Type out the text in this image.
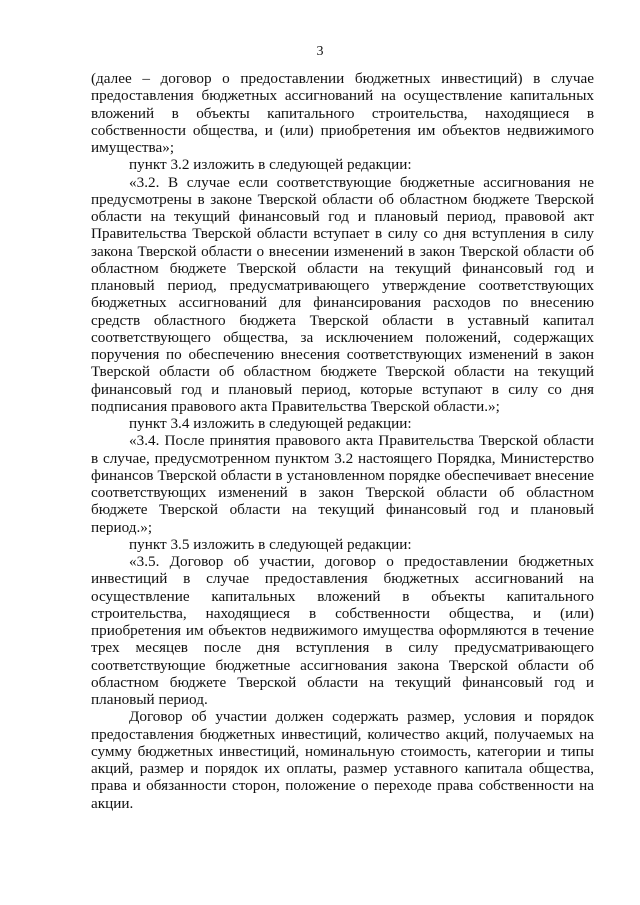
3

(далее – договор о предоставлении бюджетных инвестиций) в случае предоставления бюджетных ассигнований на осуществление капитальных вложений в объекты капитального строительства, находящиеся в собственности общества, и (или) приобретения им объектов недвижимого имущества»;

пункт 3.2 изложить в следующей редакции:

«3.2. В случае если соответствующие бюджетные ассигнования не предусмотрены в законе Тверской области об областном бюджете Тверской области на текущий финансовый год и плановый период, правовой акт Правительства Тверской области вступает в силу со дня вступления в силу закона Тверской области о внесении изменений в закон Тверской области об областном бюджете Тверской области на текущий финансовый год и плановый период, предусматривающего утверждение соответствующих бюджетных ассигнований для финансирования расходов по внесению средств областного бюджета Тверской области в уставный капитал соответствующего общества, за исключением положений, содержащих поручения по обеспечению внесения соответствующих изменений в закон Тверской области об областном бюджете Тверской области на текущий финансовый год и плановый период, которые вступают в силу со дня подписания правового акта Правительства Тверской области.»;

пункт 3.4 изложить в следующей редакции:

«3.4. После принятия правового акта Правительства Тверской области в случае, предусмотренном пунктом 3.2 настоящего Порядка, Министерство финансов Тверской области в установленном порядке обеспечивает внесение соответствующих изменений в закон Тверской области об областном бюджете Тверской области на текущий финансовый год и плановый период.»;

пункт 3.5 изложить в следующей редакции:

«3.5. Договор об участии, договор о предоставлении бюджетных инвестиций в случае предоставления бюджетных ассигнований на осуществление капитальных вложений в объекты капитального строительства, находящиеся в собственности общества, и (или) приобретения им объектов недвижимого имущества оформляются в течение трех месяцев после дня вступления в силу предусматривающего соответствующие бюджетные ассигнования закона Тверской области об областном бюджете Тверской области на текущий финансовый год и плановый период.

Договор об участии должен содержать размер, условия и порядок предоставления бюджетных инвестиций, количество акций, получаемых на сумму бюджетных инвестиций, номинальную стоимость, категории и типы акций, размер и порядок их оплаты, размер уставного капитала общества, права и обязанности сторон, положение о переходе права собственности на акции.
